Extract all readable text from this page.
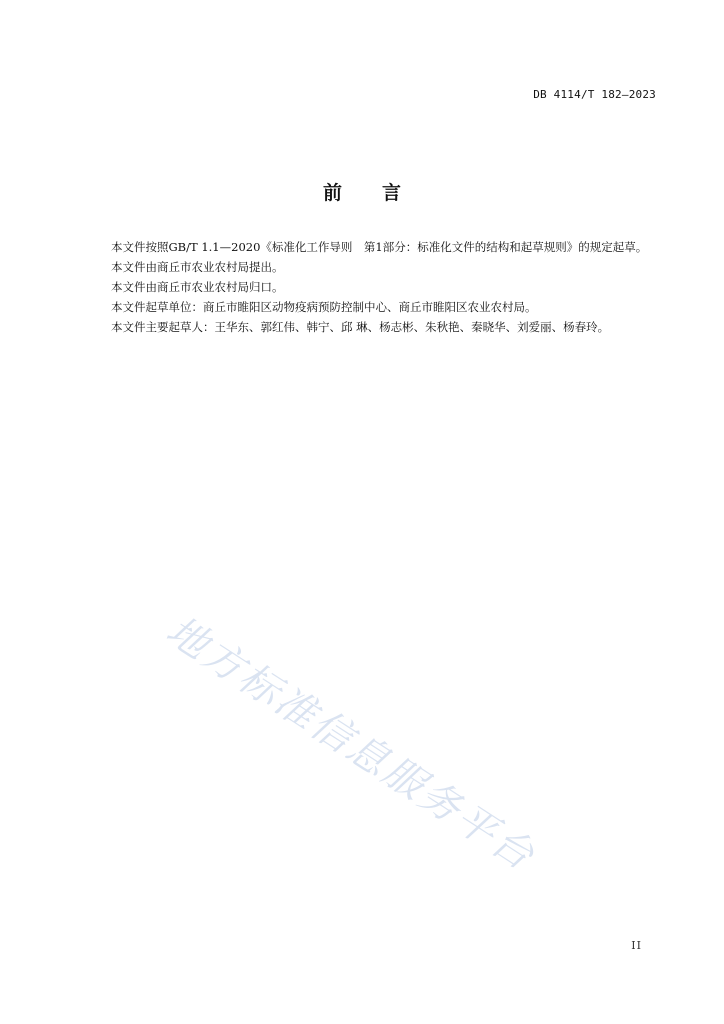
DB 4114/T 182—2023
前言

本文件按照GB/T 1.1—2020《标准化工作导则　第1部分：标准化文件的结构和起草规则》的规定起草。

本文件由商丘市农业农村局提出。

本文件由商丘市农业农村局归口。

本文件起草单位：商丘市睢阳区动物疫病预防控制中心、商丘市睢阳区农业农村局。

本文件主要起草人：王华东、郭红伟、韩宁、邱 琳、杨志彬、朱秋艳、秦晓华、刘爱丽、杨春玲。

地方标准信息服务平台
II
